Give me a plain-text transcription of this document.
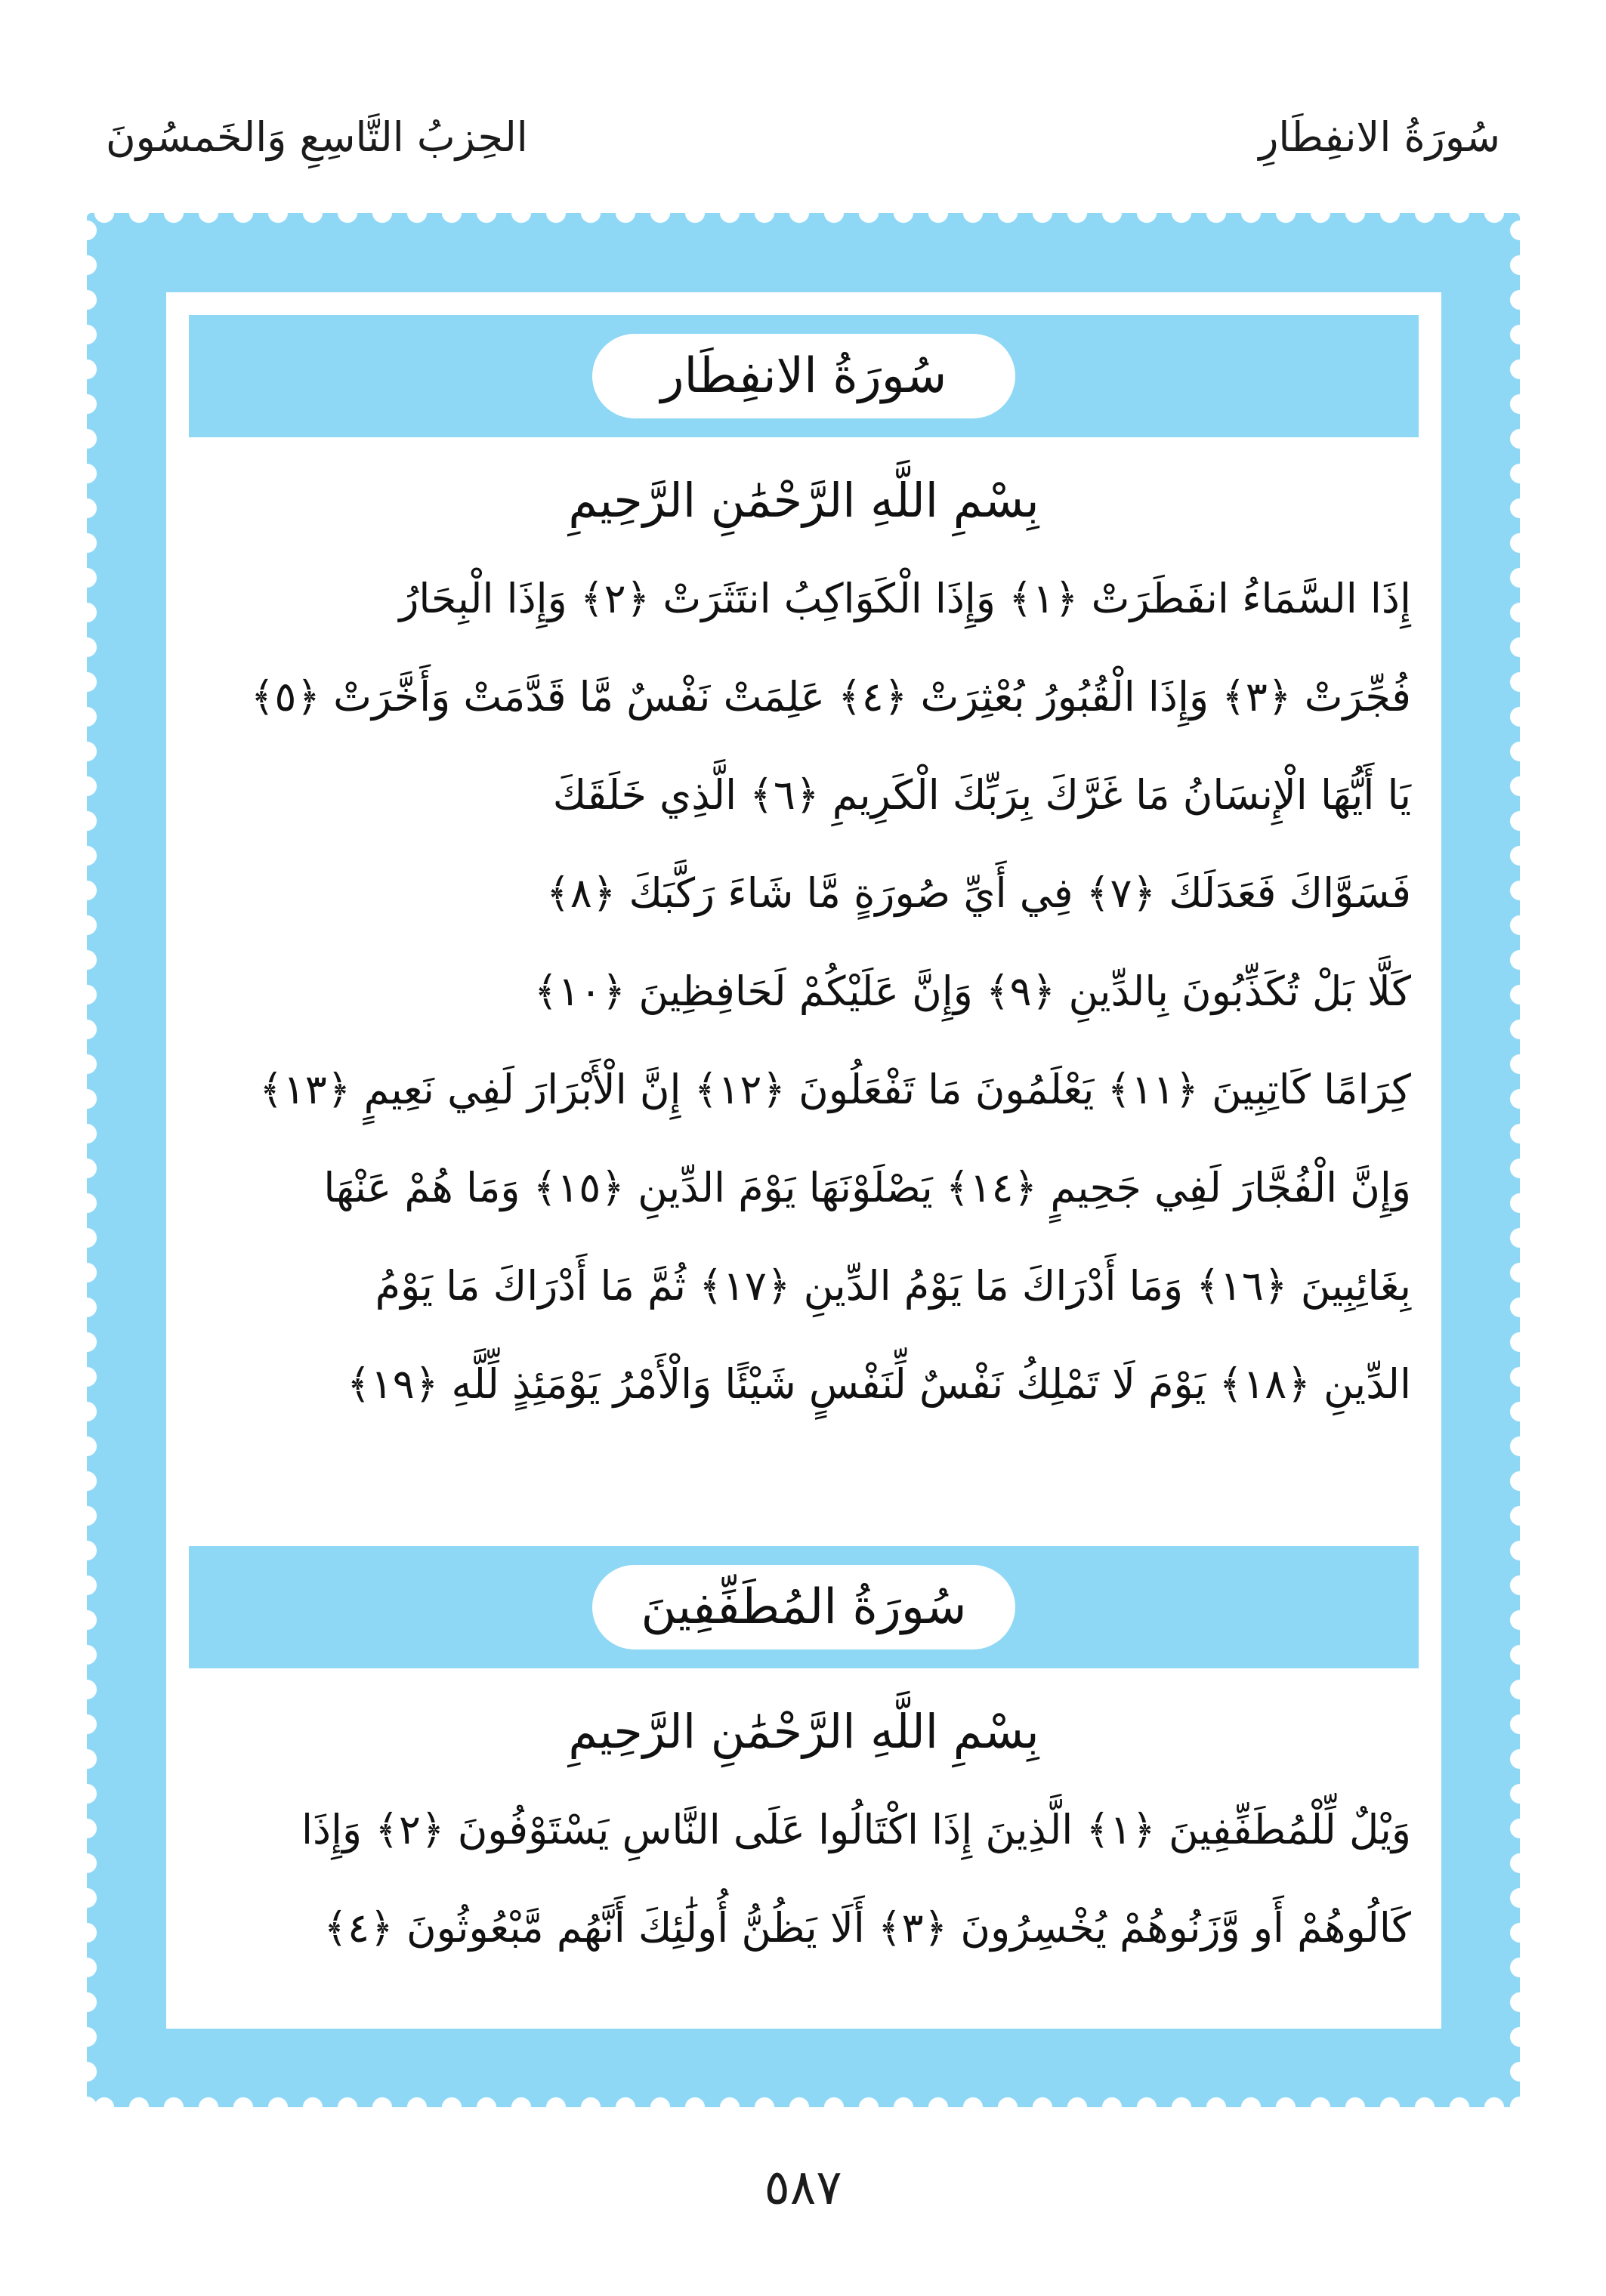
الحِزبُ التَّاسِعِ وَالخَمسُونَ	سُورَةُ الانفِطَارِ
سُورَةُ الانفِطَار
بِسْمِ اللَّهِ الرَّحْمَٰنِ الرَّحِيمِ
إِذَا السَّمَاءُ انفَطَرَتْ ﴿١﴾ وَإِذَا الْكَوَاكِبُ انتَثَرَتْ ﴿٢﴾ وَإِذَا الْبِحَارُ
فُجِّرَتْ ﴿٣﴾ وَإِذَا الْقُبُورُ بُعْثِرَتْ ﴿٤﴾ عَلِمَتْ نَفْسٌ مَّا قَدَّمَتْ وَأَخَّرَتْ ﴿٥﴾
يَا أَيُّهَا الْإِنسَانُ مَا غَرَّكَ بِرَبِّكَ الْكَرِيمِ ﴿٦﴾ الَّذِي خَلَقَكَ
فَسَوَّاكَ فَعَدَلَكَ ﴿٧﴾ فِي أَيِّ صُورَةٍ مَّا شَاءَ رَكَّبَكَ ﴿٨﴾
كَلَّا بَلْ تُكَذِّبُونَ بِالدِّينِ ﴿٩﴾ وَإِنَّ عَلَيْكُمْ لَحَافِظِينَ ﴿١٠﴾
كِرَامًا كَاتِبِينَ ﴿١١﴾ يَعْلَمُونَ مَا تَفْعَلُونَ ﴿١٢﴾ إِنَّ الْأَبْرَارَ لَفِي نَعِيمٍ ﴿١٣﴾
وَإِنَّ الْفُجَّارَ لَفِي جَحِيمٍ ﴿١٤﴾ يَصْلَوْنَهَا يَوْمَ الدِّينِ ﴿١٥﴾ وَمَا هُمْ عَنْهَا
بِغَائِبِينَ ﴿١٦﴾ وَمَا أَدْرَاكَ مَا يَوْمُ الدِّينِ ﴿١٧﴾ ثُمَّ مَا أَدْرَاكَ مَا يَوْمُ
الدِّينِ ﴿١٨﴾ يَوْمَ لَا تَمْلِكُ نَفْسٌ لِّنَفْسٍ شَيْئًا وَالْأَمْرُ يَوْمَئِذٍ لِّلَّهِ ﴿١٩﴾
سُورَةُ المُطَفِّفِينَ
بِسْمِ اللَّهِ الرَّحْمَٰنِ الرَّحِيمِ
وَيْلٌ لِّلْمُطَفِّفِينَ ﴿١﴾ الَّذِينَ إِذَا اكْتَالُوا عَلَى النَّاسِ يَسْتَوْفُونَ ﴿٢﴾ وَإِذَا
كَالُوهُمْ أَو وَّزَنُوهُمْ يُخْسِرُونَ ﴿٣﴾ أَلَا يَظُنُّ أُولَٰئِكَ أَنَّهُم مَّبْعُوثُونَ ﴿٤﴾
٥٨٧
